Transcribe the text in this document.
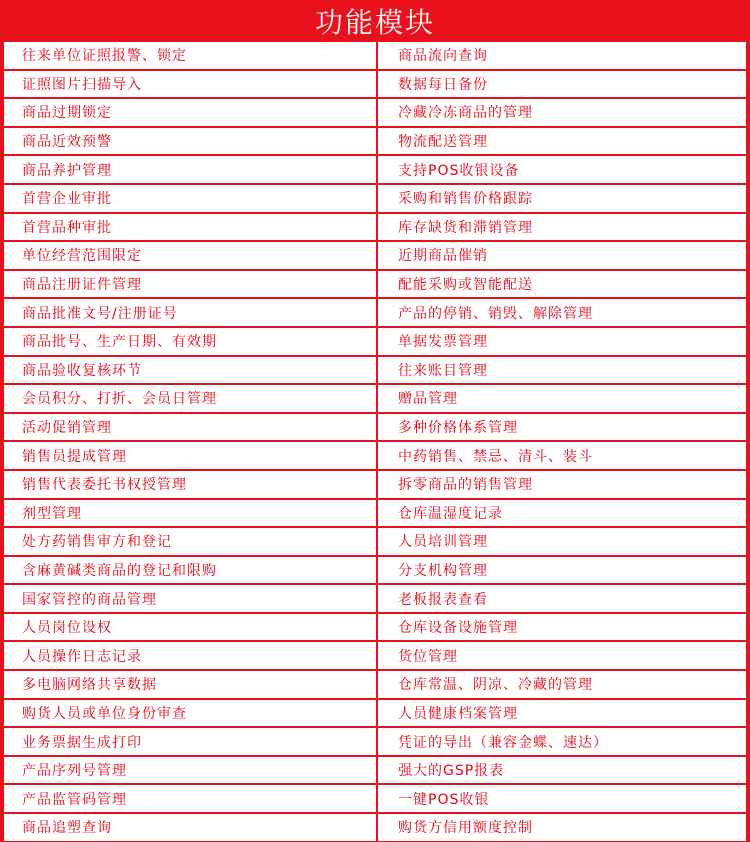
功能模块
往来单位证照报警、锁定
证照图片扫描导入
商品过期锁定
商品近效预警
商品养护管理
首营企业审批
首营品种审批
单位经营范围限定
商品注册证件管理
商品批准文号/注册证号
商品批号、生产日期、有效期
商品验收复核环节
会员积分、打折、会员日管理
活动促销管理
销售员提成管理
销售代表委托书权授管理
剂型管理
处方药销售审方和登记
含麻黄碱类商品的登记和限购
国家管控的商品管理
人员岗位设权
人员操作日志记录
多电脑网络共享数据
购货人员或单位身份审查
业务票据生成打印
产品序列号管理
产品监管码管理
商品追塑查询
商品流向查询
数据每日备份
冷藏冷冻商品的管理
物流配送管理
支持POS收银设备
采购和销售价格跟踪
库存缺货和滞销管理
近期商品催销
配能采购或智能配送
产品的停销、销毁、解除管理
单据发票管理
往来账目管理
赠品管理
多种价格体系管理
中药销售、禁忌、清斗、装斗
拆零商品的销售管理
仓库温湿度记录
人员培训管理
分支机构管理
老板报表查看
仓库设备设施管理
货位管理
仓库常温、阴凉、冷藏的管理
人员健康档案管理
凭证的导出（兼容金蝶、速达）
强大的GSP报表
一键POS收银
购货方信用额度控制
